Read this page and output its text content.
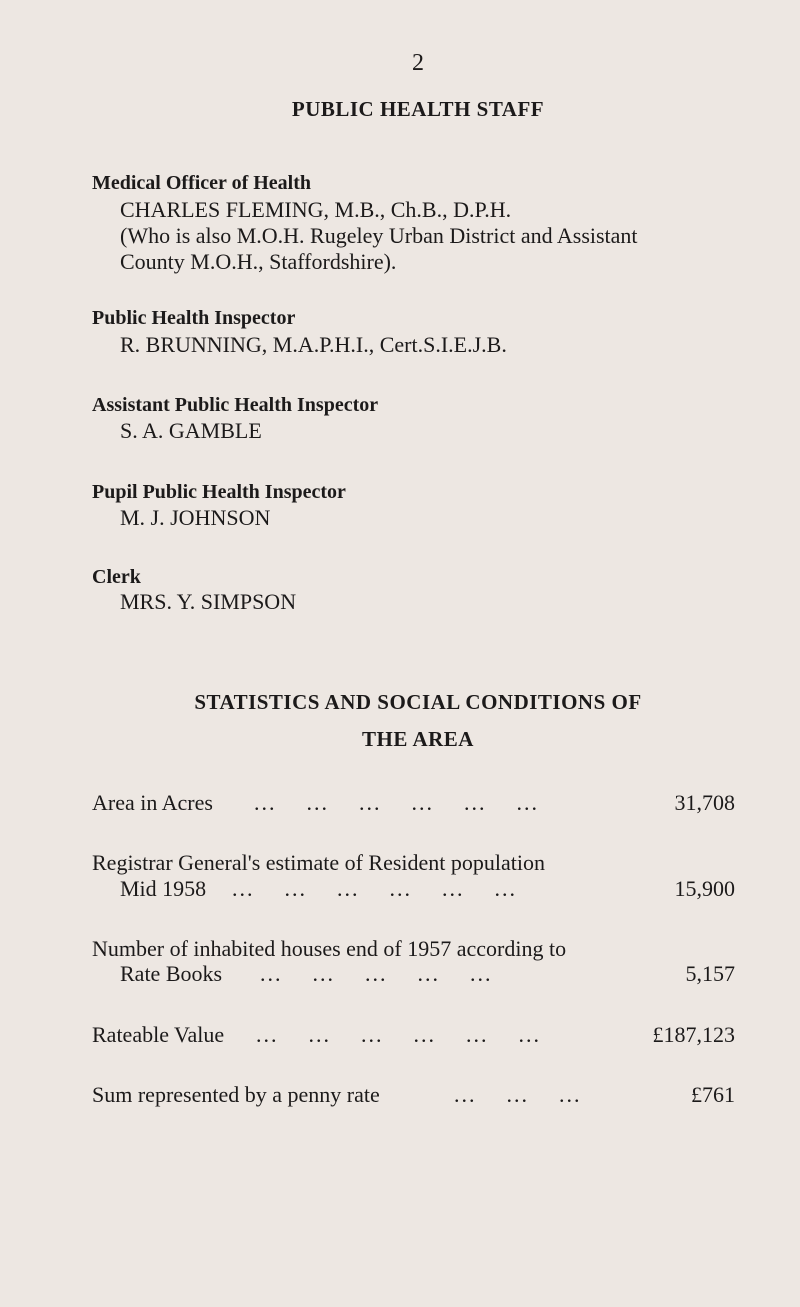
2
PUBLIC HEALTH STAFF
Medical Officer of Health
CHARLES FLEMING, M.B., Ch.B., D.P.H.
(Who is also M.O.H. Rugeley Urban District and Assistant
County M.O.H., Staffordshire).
Public Health Inspector
R. BRUNNING, M.A.P.H.I., Cert.S.I.E.J.B.
Assistant Public Health Inspector
S. A. GAMBLE
Pupil Public Health Inspector
M. J. JOHNSON
Clerk
MRS. Y. SIMPSON
STATISTICS AND SOCIAL CONDITIONS OF
THE AREA
Area in Acres ...    ...    ...    ...    ...    ...	31,708
Registrar General's estimate of Resident population
Mid 1958 ...    ...    ...    ...    ...    ...	15,900
Number of inhabited houses end of 1957 according to
Rate Books ...    ...    ...    ...    ...	5,157
Rateable Value ...    ...    ...    ...    ...    ...	£187,123
Sum represented by a penny rate	...    ...    ...	£761
